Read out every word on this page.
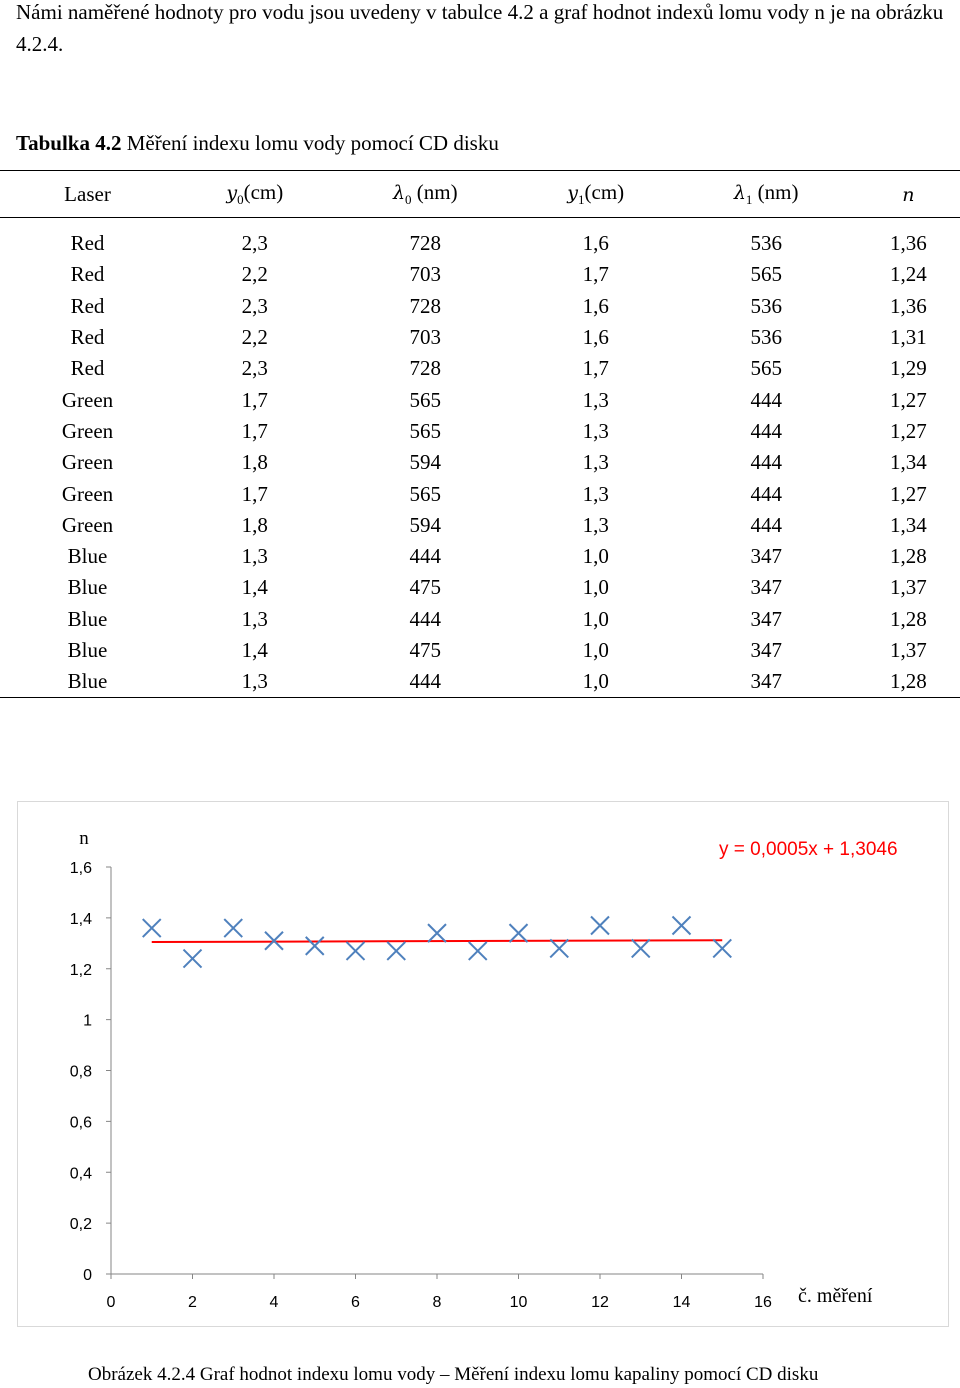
Námi naměřené hodnoty pro vodu jsou uvedeny v tabulce 4.2 a graf hodnot indexů lomu vody n je na obrázku 4.2.4.
Tabulka 4.2 Měření indexu lomu vody pomocí CD disku
Laser	$y_0(cm)$	$\lambda_0$ (nm)	$y_1(cm)$	$\lambda_1$ (nm)	n

Red	2,3	728	1,6	536	1,36
Red	2,2	703	1,7	565	1,24
Red	2,3	728	1,6	536	1,36
Red	2,2	703	1,6	536	1,31
Red	2,3	728	1,7	565	1,29
Green	1,7	565	1,3	444	1,27
Green	1,7	565	1,3	444	1,27
Green	1,8	594	1,3	444	1,34
Green	1,7	565	1,3	444	1,27
Green	1,8	594	1,3	444	1,34
Blue	1,3	444	1,0	347	1,28
Blue	1,4	475	1,0	347	1,37
Blue	1,3	444	1,0	347	1,28
Blue	1,4	475	1,0	347	1,37
Blue	1,3	444	1,0	347	1,28
0
0,2
0,4
0,6
0,8
1
1,2
1,4
1,6
0	2	4	6	8	10	12	14	16
n
č. měření
y = 0,0005x + 1,3046
Obrázek 4.2.4 Graf hodnot indexu lomu vody – Měření indexu lomu kapaliny pomocí CD disku
